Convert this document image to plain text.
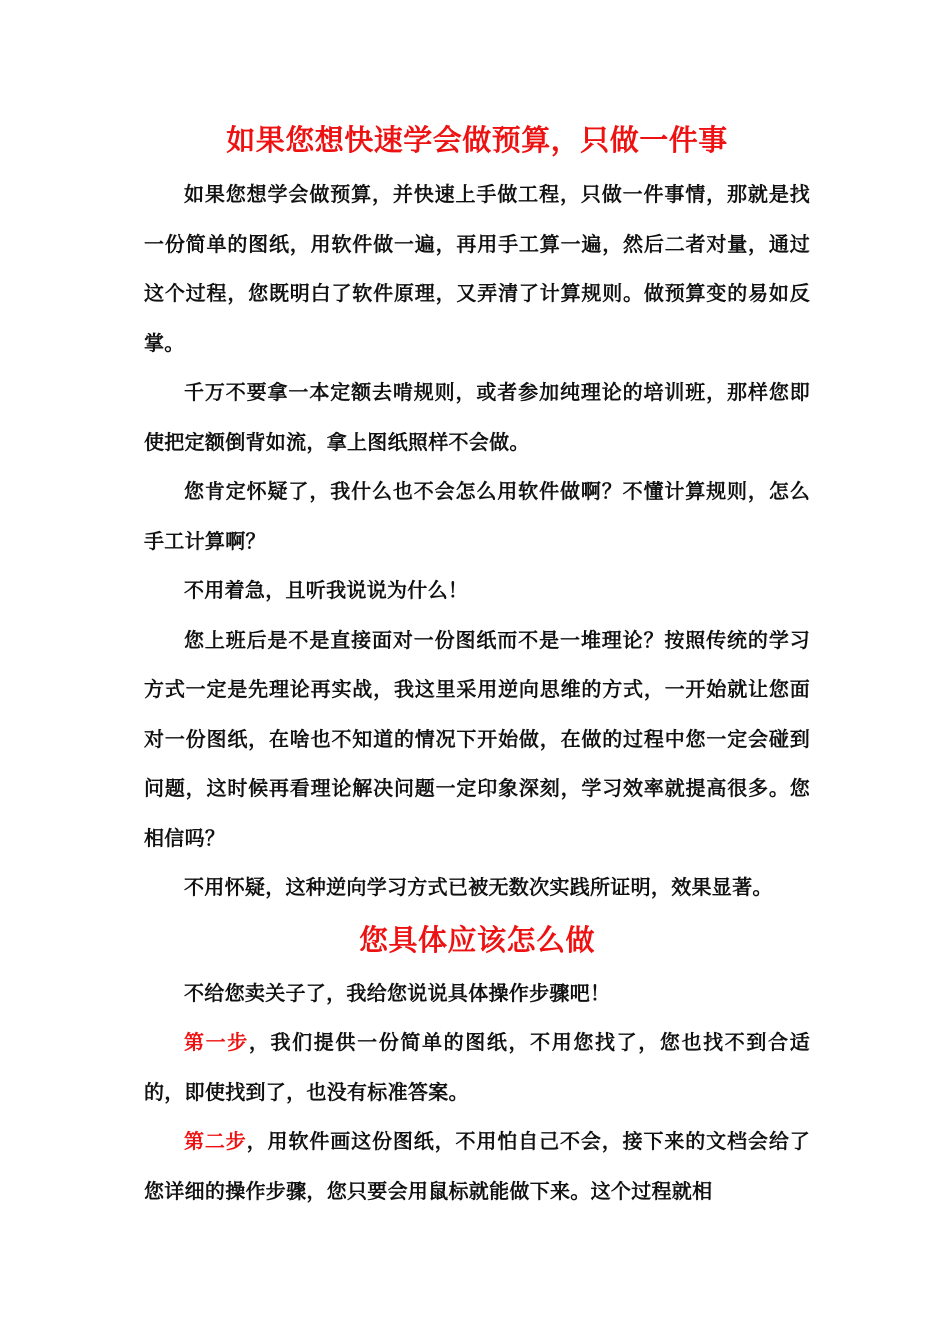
如果您想快速学会做预算，只做一件事

如果您想学会做预算，并快速上手做工程，只做一件事情，那就是找一份简单的图纸，用软件做一遍，再用手工算一遍，然后二者对量，通过这个过程，您既明白了软件原理，又弄清了计算规则。做预算变的易如反掌。

千万不要拿一本定额去啃规则，或者参加纯理论的培训班，那样您即使把定额倒背如流，拿上图纸照样不会做。

您肯定怀疑了，我什么也不会怎么用软件做啊？不懂计算规则，怎么手工计算啊？

不用着急，且听我说说为什么！

您上班后是不是直接面对一份图纸而不是一堆理论？按照传统的学习方式一定是先理论再实战，我这里采用逆向思维的方式，一开始就让您面对一份图纸，在啥也不知道的情况下开始做，在做的过程中您一定会碰到问题，这时候再看理论解决问题一定印象深刻，学习效率就提高很多。您相信吗？

不用怀疑，这种逆向学习方式已被无数次实践所证明，效果显著。

您具体应该怎么做

不给您卖关子了，我给您说说具体操作步骤吧！

第一步，我们提供一份简单的图纸，不用您找了，您也找不到合适的，即使找到了，也没有标准答案。

第二步，用软件画这份图纸，不用怕自己不会，接下来的文档会给了您详细的操作步骤，您只要会用鼠标就能做下来。这个过程就相
